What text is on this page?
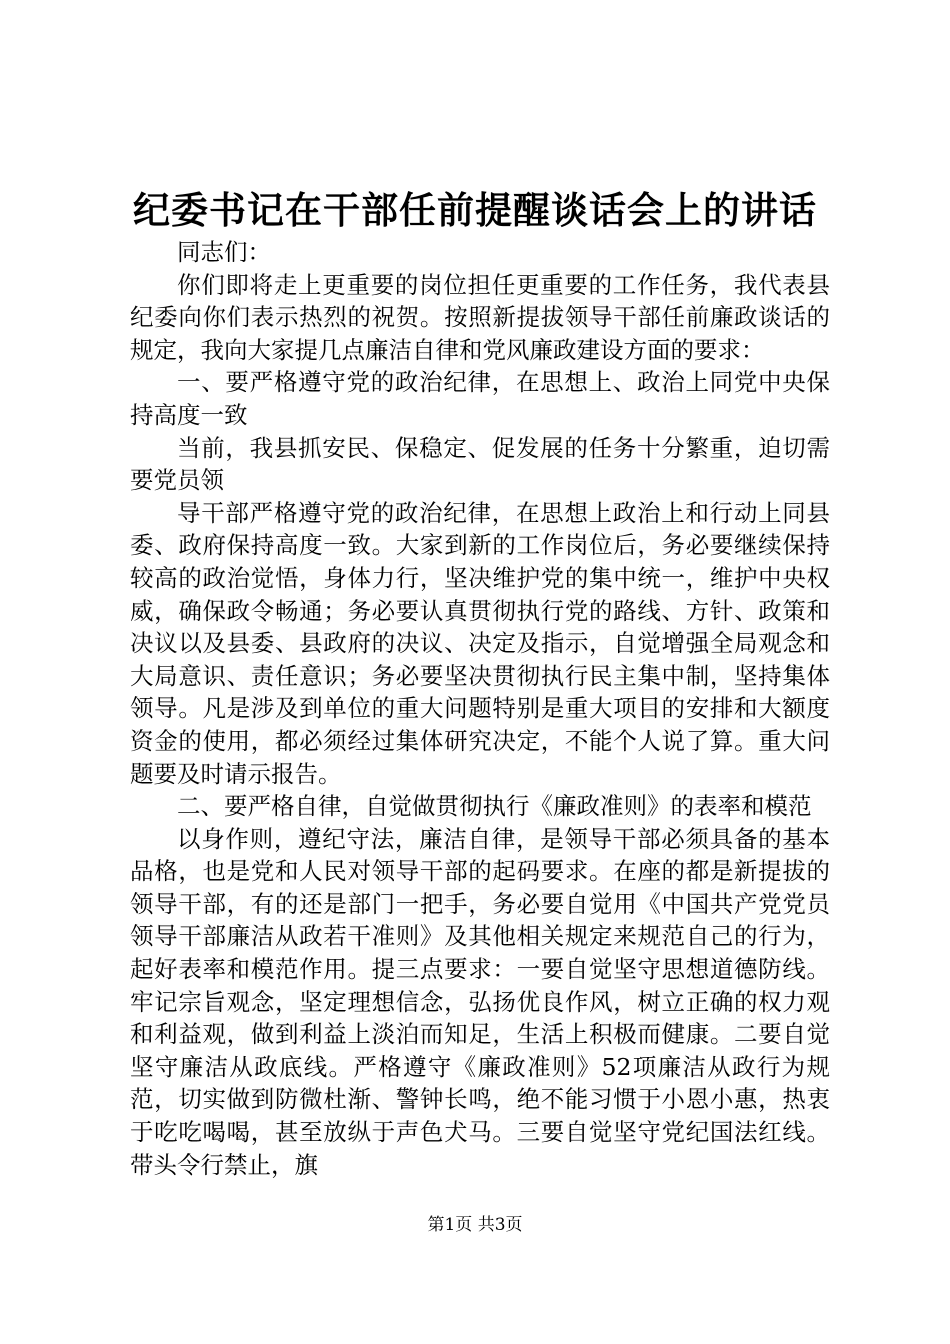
纪委书记在干部任前提醒谈话会上的讲话

同志们：

你们即将走上更重要的岗位担任更重要的工作任务，我代表县纪委向你们表示热烈的祝贺。按照新提拔领导干部任前廉政谈话的规定，我向大家提几点廉洁自律和党风廉政建设方面的要求：

一、要严格遵守党的政治纪律，在思想上、政治上同党中央保持高度一致

当前，我县抓安民、保稳定、促发展的任务十分繁重，迫切需要党员领

导干部严格遵守党的政治纪律，在思想上政治上和行动上同县委、政府保持高度一致。大家到新的工作岗位后，务必要继续保持较高的政治觉悟，身体力行，坚决维护党的集中统一，维护中央权威，确保政令畅通；务必要认真贯彻执行党的路线、方针、政策和决议以及县委、县政府的决议、决定及指示，自觉增强全局观念和大局意识、责任意识；务必要坚决贯彻执行民主集中制，坚持集体领导。凡是涉及到单位的重大问题特别是重大项目的安排和大额度资金的使用，都必须经过集体研究决定，不能个人说了算。重大问题要及时请示报告。

二、要严格自律，自觉做贯彻执行《廉政准则》的表率和模范

以身作则，遵纪守法，廉洁自律，是领导干部必须具备的基本品格，也是党和人民对领导干部的起码要求。在座的都是新提拔的领导干部，有的还是部门一把手，务必要自觉用《中国共产党党员领导干部廉洁从政若干准则》及其他相关规定来规范自己的行为，起好表率和模范作用。提三点要求：一要自觉坚守思想道德防线。牢记宗旨观念，坚定理想信念，弘扬优良作风，树立正确的权力观和利益观，做到利益上淡泊而知足，生活上积极而健康。二要自觉坚守廉洁从政底线。严格遵守《廉政准则》52项廉洁从政行为规范，切实做到防微杜渐、警钟长鸣，绝不能习惯于小恩小惠，热衷于吃吃喝喝，甚至放纵于声色犬马。三要自觉坚守党纪国法红线。带头令行禁止，旗

第1页 共3页
